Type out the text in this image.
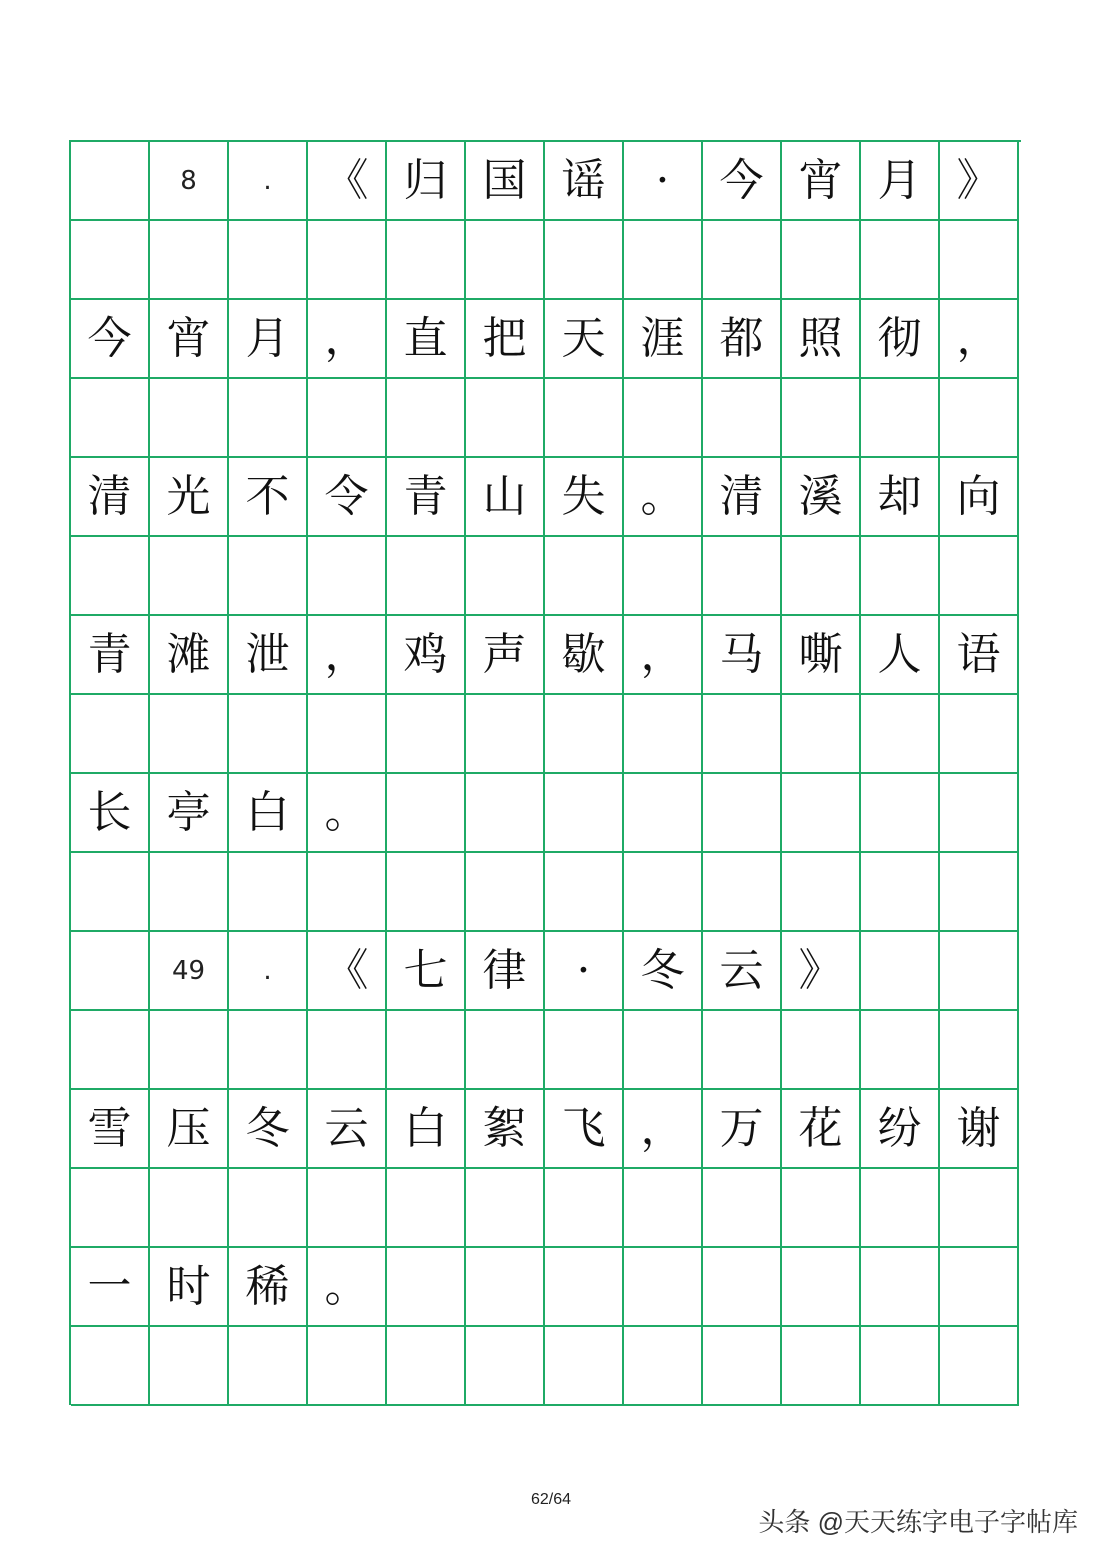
8	.	《 归 国 谣	·	今 宵 月 》
今 宵 月 ， 直 把 天 涯 都 照 彻 ，
清 光 不 令 青 山 失 。 清 溪 却 向
青 滩 泄 ， 鸡 声 歇 ， 马 嘶 人 语
长 亭 白 。
49	.	《 七 律	·	冬 云 》
雪 压 冬 云 白 絮 飞 ， 万 花 纷 谢
一 时 稀 。
62/64
头条 @天天练字电子字帖库
